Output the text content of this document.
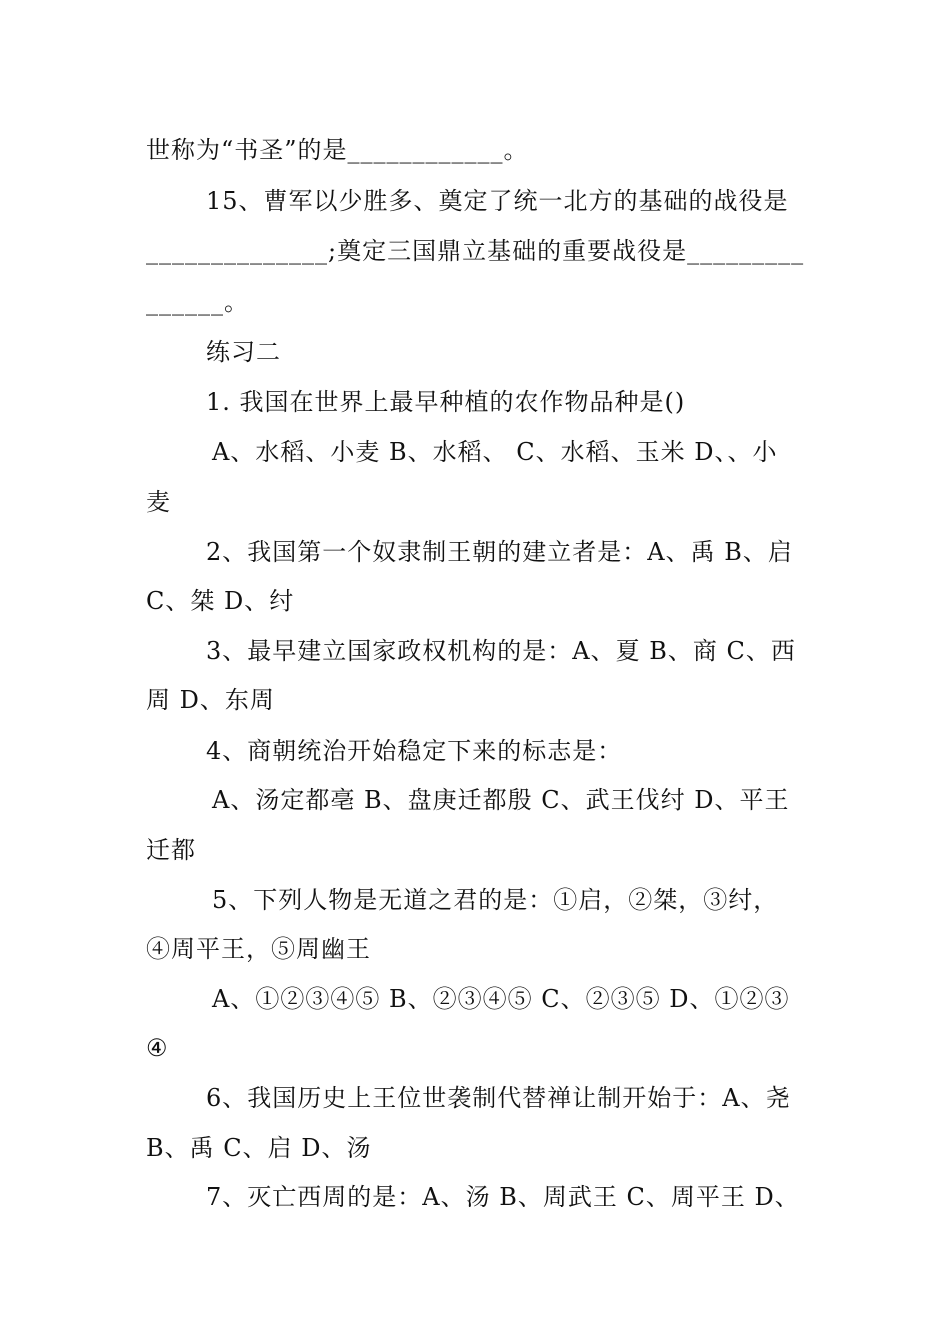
世称为“书圣”的是____________。
15、曹军以少胜多、奠定了统一北方的基础的战役是
______________;奠定三国鼎立基础的重要战役是_________
______。
练习二
1. 我国在世界上最早种植的农作物品种是()
A、水稻、小麦 B、水稻、 C、水稻、玉米 D、、小
麦
2、我国第一个奴隶制王朝的建立者是：A、禹 B、启
C、桀 D、纣
3、最早建立国家政权机构的是：A、夏 B、商 C、西
周 D、东周
4、商朝统治开始稳定下来的标志是：
A、汤定都亳 B、盘庚迁都殷 C、武王伐纣 D、平王
迁都
5、下列人物是无道之君的是：①启，②桀，③纣，
④周平王，⑤周幽王
A、①②③④⑤ B、②③④⑤ C、②③⑤ D、①②③
④
6、我国历史上王位世袭制代替禅让制开始于：A、尧
B、禹 C、启 D、汤
7、灭亡西周的是：A、汤 B、周武王 C、周平王 D、
